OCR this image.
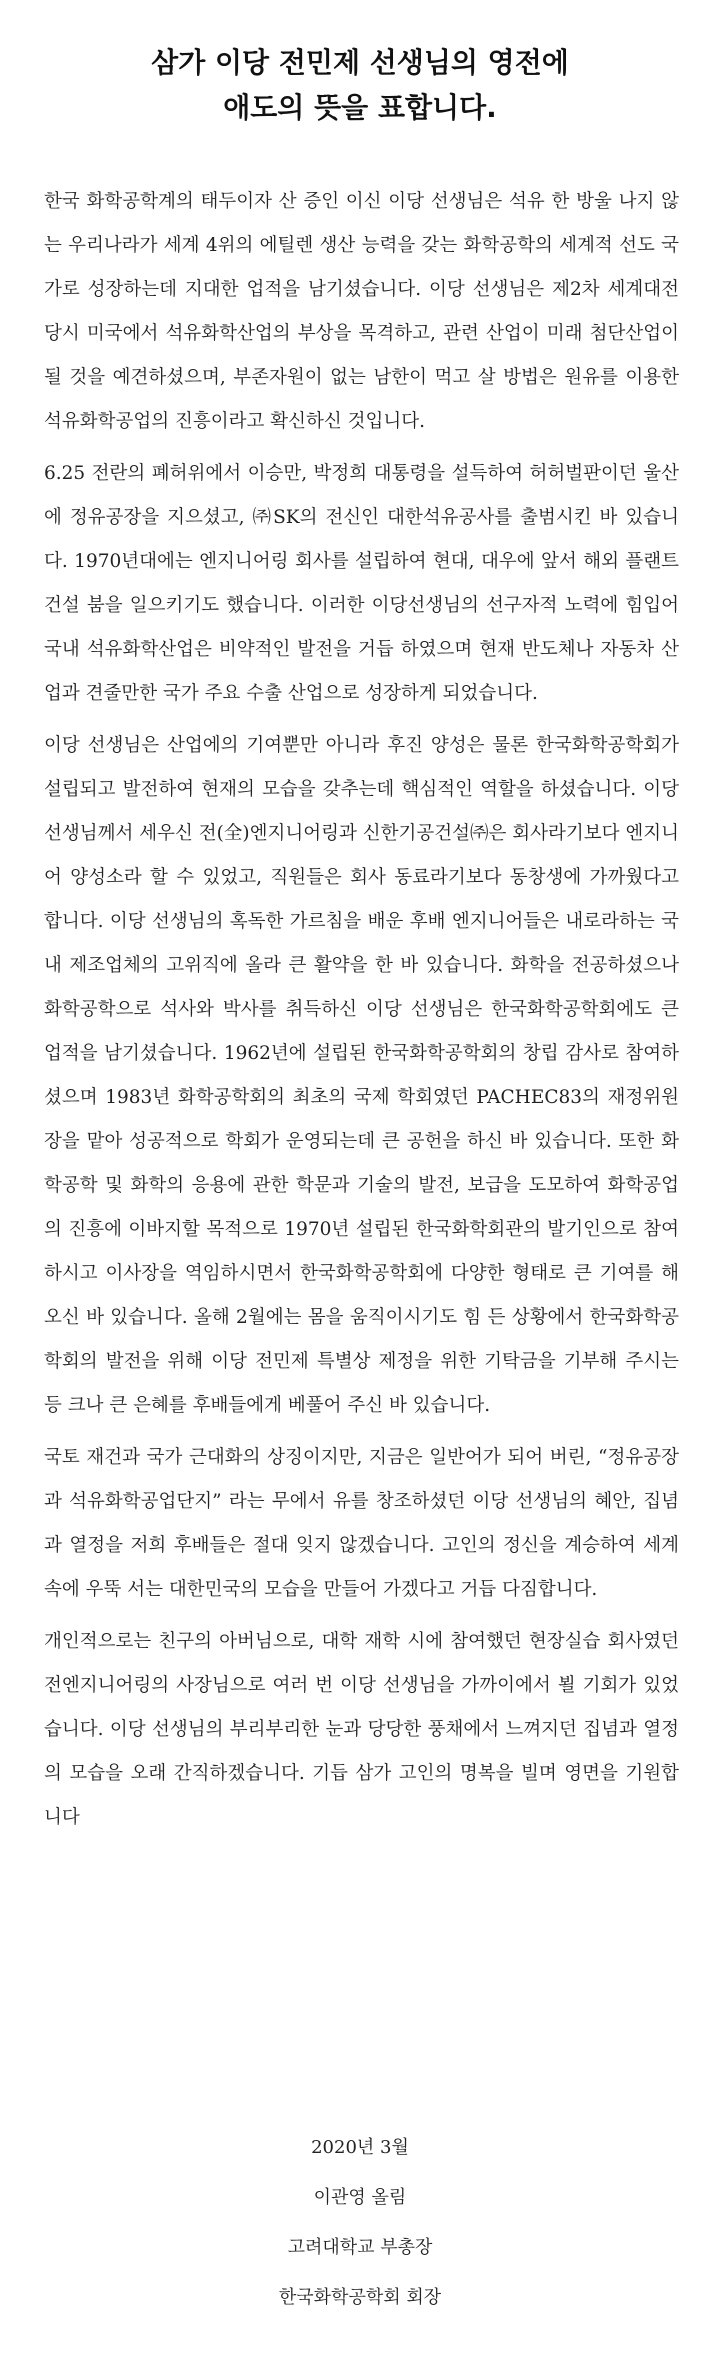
삼가 이당 전민제 선생님의 영전에
애도의 뜻을 표합니다.

한국 화학공학계의 태두이자 산 증인 이신 이당 선생님은 석유 한 방울 나지 않는 우리나라가 세계 4위의 에틸렌 생산 능력을 갖는 화학공학의 세계적 선도 국가로 성장하는데 지대한 업적을 남기셨습니다. 이당 선생님은 제2차 세계대전 당시 미국에서 석유화학산업의 부상을 목격하고, 관련 산업이 미래 첨단산업이 될 것을 예견하셨으며, 부존자원이 없는 남한이 먹고 살 방법은 원유를 이용한 석유화학공업의 진흥이라고 확신하신 것입니다.

6.25 전란의 폐허위에서 이승만, 박정희 대통령을 설득하여 허허벌판이던 울산에 정유공장을 지으셨고, ㈜SK의 전신인 대한석유공사를 출범시킨 바 있습니다. 1970년대에는 엔지니어링 회사를 설립하여 현대, 대우에 앞서 해외 플랜트 건설 붐을 일으키기도 했습니다. 이러한 이당선생님의 선구자적 노력에 힘입어 국내 석유화학산업은 비약적인 발전을 거듭 하였으며 현재 반도체나 자동차 산업과 견줄만한 국가 주요 수출 산업으로 성장하게 되었습니다.

이당 선생님은 산업에의 기여뿐만 아니라 후진 양성은 물론 한국화학공학회가 설립되고 발전하여 현재의 모습을 갖추는데 핵심적인 역할을 하셨습니다. 이당 선생님께서 세우신 전(全)엔지니어링과 신한기공건설㈜은 회사라기보다 엔지니어 양성소라 할 수 있었고, 직원들은 회사 동료라기보다 동창생에 가까웠다고 합니다. 이당 선생님의 혹독한 가르침을 배운 후배 엔지니어들은 내로라하는 국내 제조업체의 고위직에 올라 큰 활약을 한 바 있습니다. 화학을 전공하셨으나 화학공학으로 석사와 박사를 취득하신 이당 선생님은 한국화학공학회에도 큰 업적을 남기셨습니다. 1962년에 설립된 한국화학공학회의 창립 감사로 참여하셨으며 1983년 화학공학회의 최초의 국제 학회였던 PACHEC83의 재정위원장을 맡아 성공적으로 학회가 운영되는데 큰 공헌을 하신 바 있습니다. 또한 화학공학 및 화학의 응용에 관한 학문과 기술의 발전, 보급을 도모하여 화학공업의 진흥에 이바지할 목적으로 1970년 설립된 한국화학회관의 발기인으로 참여하시고 이사장을 역임하시면서 한국화학공학회에 다양한 형태로 큰 기여를 해 오신 바 있습니다. 올해 2월에는 몸을 움직이시기도 힘 든 상황에서 한국화학공학회의 발전을 위해 이당 전민제 특별상 제정을 위한 기탁금을 기부해 주시는 등 크나 큰 은혜를 후배들에게 베풀어 주신 바 있습니다.

국토 재건과 국가 근대화의 상징이지만, 지금은 일반어가 되어 버린, “정유공장과 석유화학공업단지” 라는 무에서 유를 창조하셨던 이당 선생님의 혜안, 집념과 열정을 저희 후배들은 절대 잊지 않겠습니다. 고인의 정신을 계승하여 세계 속에 우뚝 서는 대한민국의 모습을 만들어 가겠다고 거듭 다짐합니다.

개인적으로는 친구의 아버님으로, 대학 재학 시에 참여했던 현장실습 회사였던 전엔지니어링의 사장님으로 여러 번 이당 선생님을 가까이에서 뵐 기회가 있었습니다. 이당 선생님의 부리부리한 눈과 당당한 풍채에서 느껴지던 집념과 열정의 모습을 오래 간직하겠습니다. 기듭 삼가 고인의 명복을 빌며 영면을 기원합니다

2020년 3월
이관영 올림
고려대학교 부총장
한국화학공학회 회장
